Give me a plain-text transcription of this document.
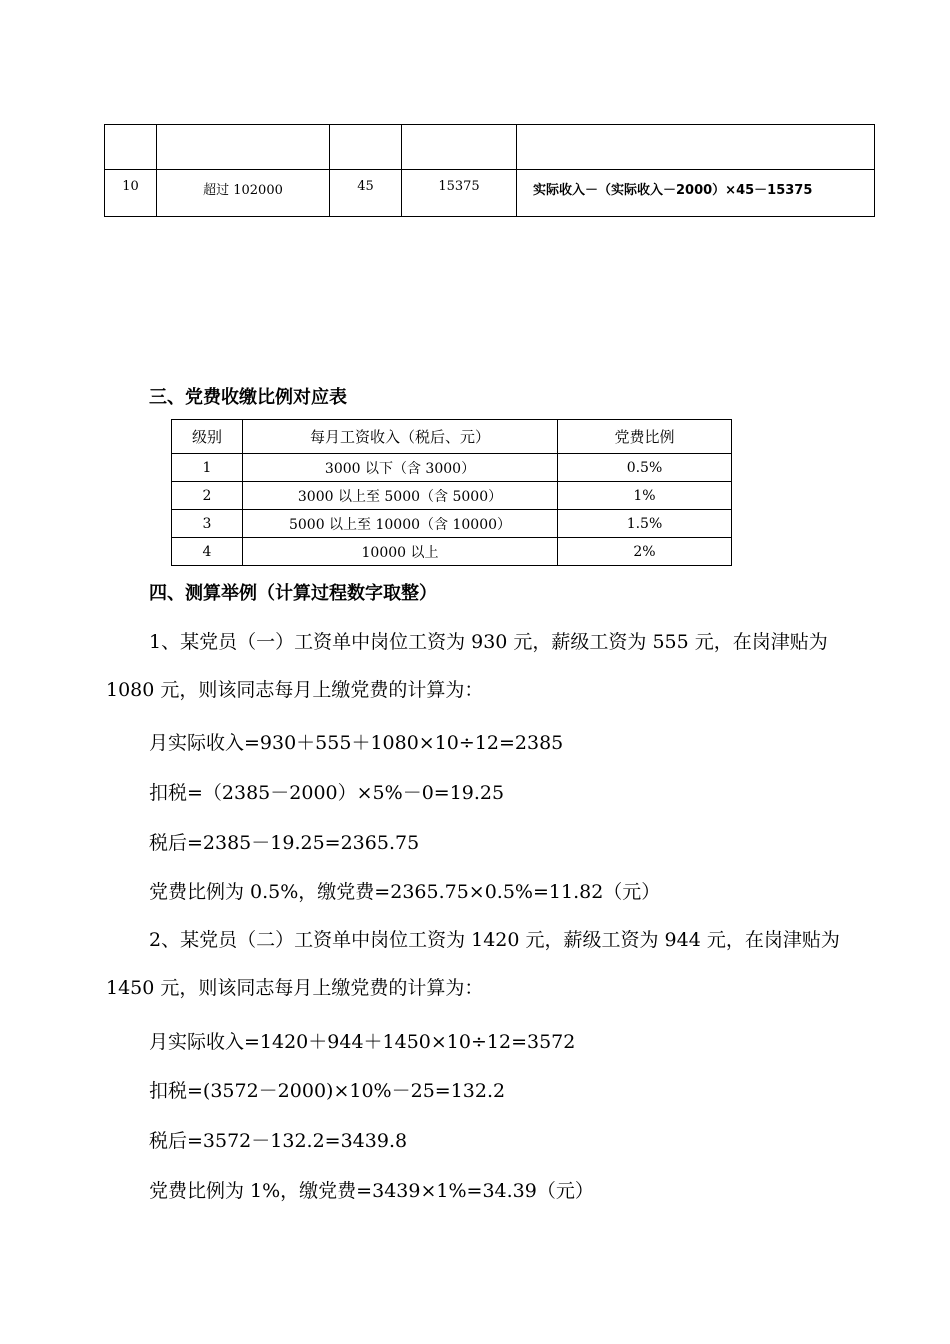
10	超过 102000	45	15375	实际收入－（实际收入－2000）×45－15375
三、党费收缴比例对应表
级别	每月工资收入（税后、元）	党费比例
1	3000 以下（含 3000）	0.5%
2	3000 以上至 5000（含 5000）	1%
3	5000 以上至 10000（含 10000）	1.5%
4	10000 以上	2%
四、测算举例（计算过程数字取整）
1、某党员（一）工资单中岗位工资为 930 元，薪级工资为 555 元，在岗津贴为 1080 元，则该同志每月上缴党费的计算为：
月实际收入=930＋555＋1080×10÷12=2385
扣税=（2385－2000）×5%－0=19.25
税后=2385－19.25=2365.75
党费比例为 0.5%，缴党费=2365.75×0.5%=11.82（元）
2、某党员（二）工资单中岗位工资为 1420 元，薪级工资为 944 元，在岗津贴为 1450 元，则该同志每月上缴党费的计算为：
月实际收入=1420＋944＋1450×10÷12=3572
扣税=(3572－2000)×10%－25=132.2
税后=3572－132.2=3439.8
党费比例为 1%，缴党费=3439×1%=34.39（元）
